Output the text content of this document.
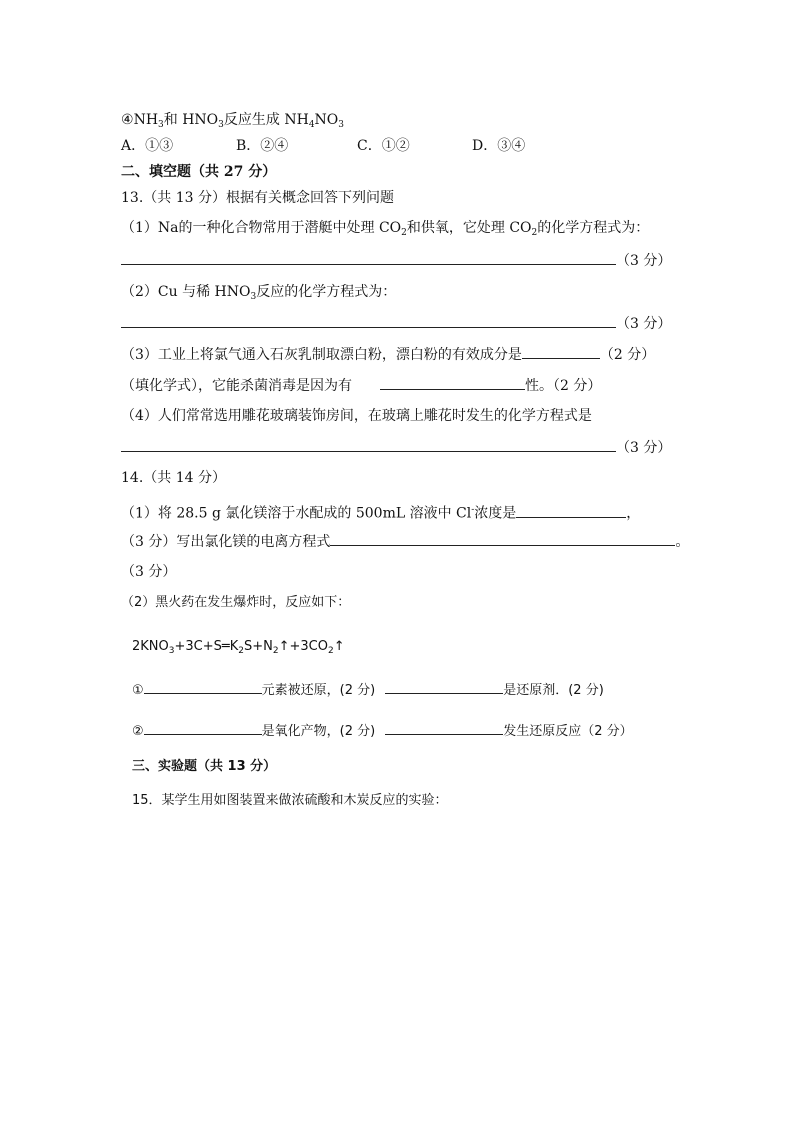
$④NH_3$和 $HNO_3$反应生成 $NH_4NO_3$
A．①③	B．②④	C．①②	D．③④
二、填空题（共 27 分）
13.（共 13 分）根据有关概念回答下列问题
（1）Na的一种化合物常用于潜艇中处理 $CO_2$和供氧，它处理 $CO_2$的化学方程式为：
（3 分）
（2）Cu 与稀 $HNO_3$反应的化学方程式为：
（3 分）
（3）工业上将氯气通入石灰乳制取漂白粉，漂白粉的有效成分是	（2 分）
（填化学式），它能杀菌消毒是因为有	性。（2 分）
（4）人们常常选用雕花玻璃装饰房间，在玻璃上雕花时发生的化学方程式是
（3 分）
14.（共 14 分）
（1）将 28.5 g 氯化镁溶于水配成的 500mL 溶液中 Cl-浓度是	，
（3 分）写出氯化镁的电离方程式	。
（3 分）
（2）黑火药在发生爆炸时，反应如下：
$2KNO_3+3C+S═K_2S+N_2↑+3CO_2↑$
①	元素被还原，(2 分)	是还原剂．(2 分)
②	是氧化产物，(2 分)	发生还原反应（2 分）
三、实验题（共 13 分）
15．某学生用如图装置来做浓硫酸和木炭反应的实验：
